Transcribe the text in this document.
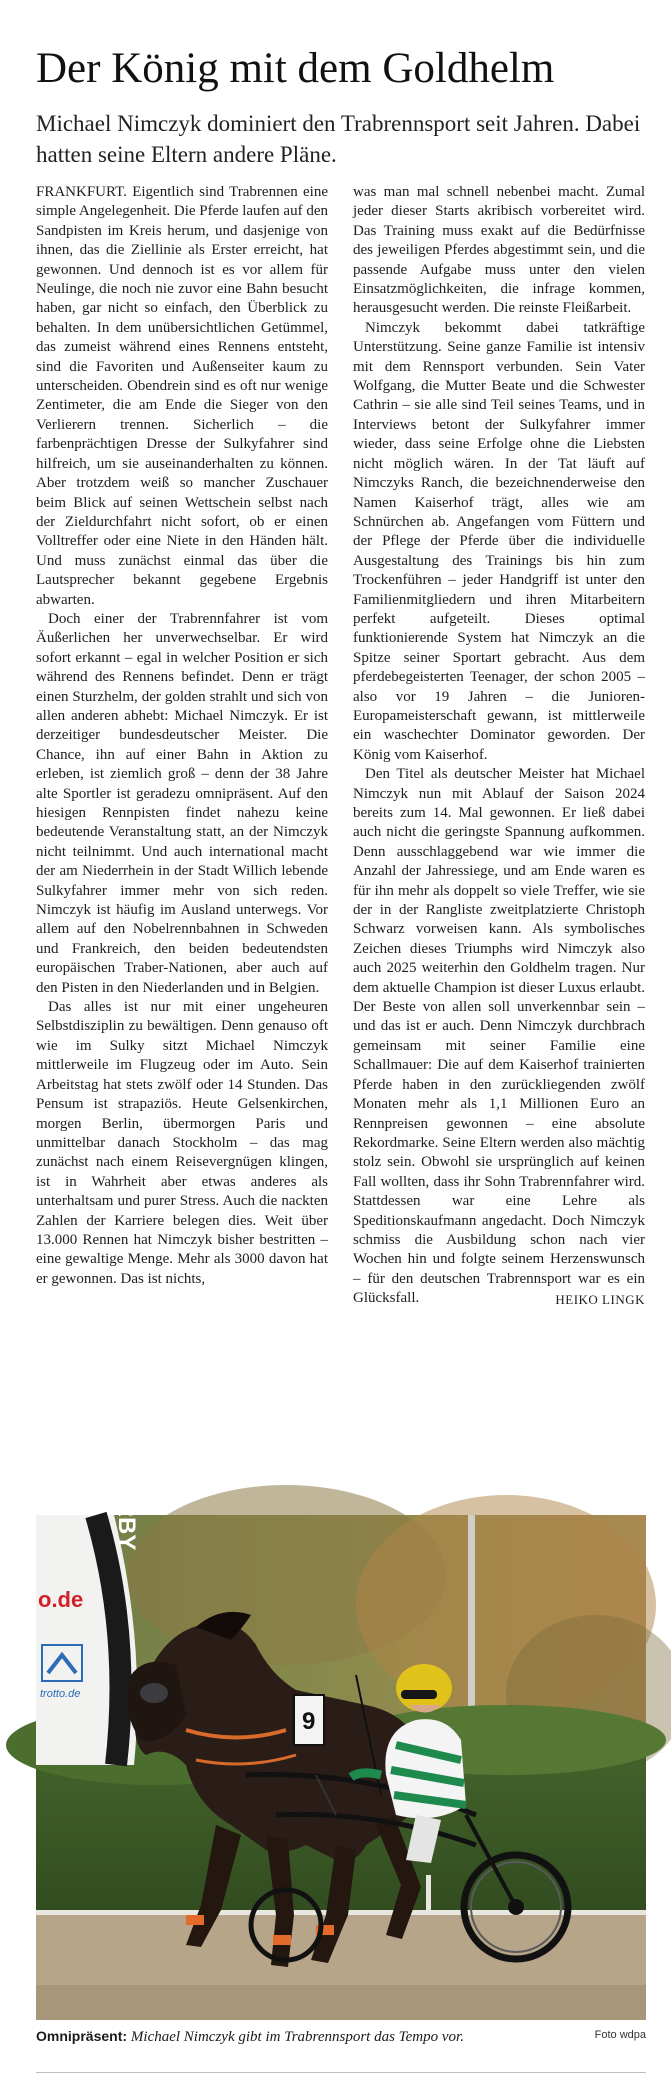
Der König mit dem Goldhelm
Michael Nimczyk dominiert den Trabrennsport seit Jahren. Dabei hatten seine Eltern andere Pläne.

FRANKFURT. Eigentlich sind Trabrennen eine simple Angelegenheit. Die Pferde laufen auf den Sandpisten im Kreis herum, und dasjenige von ihnen, das die Ziellinie als Erster erreicht, hat gewonnen. Und dennoch ist es vor allem für Neulinge, die noch nie zuvor eine Bahn besucht haben, gar nicht so einfach, den Überblick zu behalten. In dem unübersichtlichen Getümmel, das zumeist während eines Rennens entsteht, sind die Favoriten und Außenseiter kaum zu unterscheiden. Obendrein sind es oft nur wenige Zentimeter, die am Ende die Sieger von den Verlierern trennen. Sicherlich – die farbenprächtigen Dresse der Sulkyfahrer sind hilfreich, um sie auseinanderhalten zu können. Aber trotzdem weiß so mancher Zuschauer beim Blick auf seinen Wettschein selbst nach der Zieldurchfahrt nicht sofort, ob er einen Volltreffer oder eine Niete in den Händen hält. Und muss zunächst einmal das über die Lautsprecher bekannt gegebene Ergebnis abwarten.

Doch einer der Trabrennfahrer ist vom Äußerlichen her unverwechselbar. Er wird sofort erkannt – egal in welcher Position er sich während des Rennens befindet. Denn er trägt einen Sturzhelm, der golden strahlt und sich von allen anderen abhebt: Michael Nimczyk. Er ist derzeitiger bundesdeutscher Meister. Die Chance, ihn auf einer Bahn in Aktion zu erleben, ist ziemlich groß – denn der 38 Jahre alte Sportler ist geradezu omnipräsent. Auf den hiesigen Rennpisten findet nahezu keine bedeutende Veranstaltung statt, an der Nimczyk nicht teilnimmt. Und auch international macht der am Niederrhein in der Stadt Willich lebende Sulkyfahrer immer mehr von sich reden. Nimczyk ist häufig im Ausland unterwegs. Vor allem auf den Nobelrennbahnen in Schweden und Frankreich, den beiden bedeutendsten europäischen Traber-Nationen, aber auch auf den Pisten in den Niederlanden und in Belgien.

Das alles ist nur mit einer ungeheuren Selbstdisziplin zu bewältigen. Denn genauso oft wie im Sulky sitzt Michael Nimczyk mittlerweile im Flugzeug oder im Auto. Sein Arbeitstag hat stets zwölf oder 14 Stunden. Das Pensum ist strapaziös. Heute Gelsenkirchen, morgen Berlin, übermorgen Paris und unmittelbar danach Stockholm – das mag zunächst nach einem Reisevergnügen klingen, ist in Wahrheit aber etwas anderes als unterhaltsam und purer Stress. Auch die nackten Zahlen der Karriere belegen dies. Weit über 13.000 Rennen hat Nimczyk bisher bestritten – eine gewaltige Menge. Mehr als 3000 davon hat er gewonnen. Das ist nichts,

was man mal schnell nebenbei macht. Zumal jeder dieser Starts akribisch vorbereitet wird. Das Training muss exakt auf die Bedürfnisse des jeweiligen Pferdes abgestimmt sein, und die passende Aufgabe muss unter den vielen Einsatzmöglichkeiten, die infrage kommen, herausgesucht werden. Die reinste Fleißarbeit.

Nimczyk bekommt dabei tatkräftige Unterstützung. Seine ganze Familie ist intensiv mit dem Rennsport verbunden. Sein Vater Wolfgang, die Mutter Beate und die Schwester Cathrin – sie alle sind Teil seines Teams, und in Interviews betont der Sulkyfahrer immer wieder, dass seine Erfolge ohne die Liebsten nicht möglich wären. In der Tat läuft auf Nimczyks Ranch, die bezeichnenderweise den Namen Kaiserhof trägt, alles wie am Schnürchen ab. Angefangen vom Füttern und der Pflege der Pferde über die individuelle Ausgestaltung des Trainings bis hin zum Trockenführen – jeder Handgriff ist unter den Familienmitgliedern und ihren Mitarbeitern perfekt aufgeteilt. Dieses optimal funktionierende System hat Nimczyk an die Spitze seiner Sportart gebracht. Aus dem pferdebegeisterten Teenager, der schon 2005 – also vor 19 Jahren – die Junioren-Europameisterschaft gewann, ist mittlerweile ein waschechter Dominator geworden. Der König vom Kaiserhof.

Den Titel als deutscher Meister hat Michael Nimczyk nun mit Ablauf der Saison 2024 bereits zum 14. Mal gewonnen. Er ließ dabei auch nicht die geringste Spannung aufkommen. Denn ausschlaggebend war wie immer die Anzahl der Jahressiege, und am Ende waren es für ihn mehr als doppelt so viele Treffer, wie sie der in der Rangliste zweitplatzierte Christoph Schwarz vorweisen kann. Als symbolisches Zeichen dieses Triumphs wird Nimczyk also auch 2025 weiterhin den Goldhelm tragen. Nur dem aktuelle Champion ist dieser Luxus erlaubt. Der Beste von allen soll unverkennbar sein – und das ist er auch. Denn Nimczyk durchbrach gemeinsam mit seiner Familie eine Schallmauer: Die auf dem Kaiserhof trainierten Pferde haben in den zurückliegenden zwölf Monaten mehr als 1,1 Millionen Euro an Rennpreisen gewonnen – eine absolute Rekordmarke. Seine Eltern werden also mächtig stolz sein. Obwohl sie ursprünglich auf keinen Fall wollten, dass ihr Sohn Trabrennfahrer wird. Stattdessen war eine Lehre als Speditionskaufmann angedacht. Doch Nimczyk schmiss die Ausbildung schon nach vier Wochen hin und folgte seinem Herzenswunsch – für den deutschen Trabrennsport war es ein Glücksfall.	HEIKO LINGK
ER-DERBY
o.de
trotto.de
9
Omnipräsent: Michael Nimczyk gibt im Trabrennsport das Tempo vor.	Foto wdpa
